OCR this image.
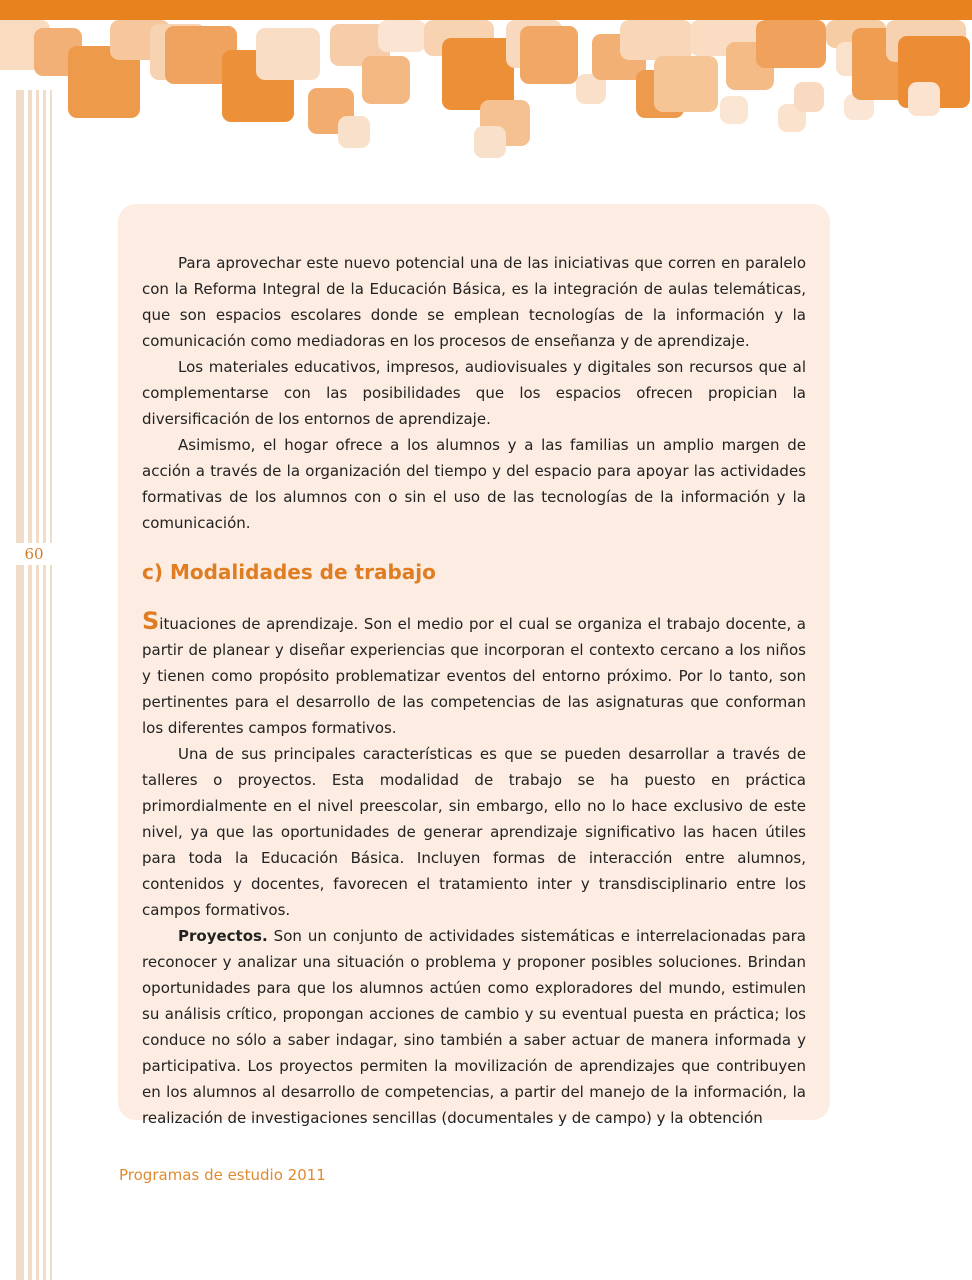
60

Para aprovechar este nuevo potencial una de las iniciativas que corren en paralelo con la Reforma Integral de la Educación Básica, es la integración de aulas telemáticas, que son espacios escolares donde se emplean tecnologías de la información y la comunicación como mediadoras en los procesos de enseñanza y de aprendizaje.

Los materiales educativos, impresos, audiovisuales y digitales son recursos que al complementarse con las posibilidades que los espacios ofrecen propician la diversificación de los entornos de aprendizaje.

Asimismo, el hogar ofrece a los alumnos y a las familias un amplio margen de acción a través de la organización del tiempo y del espacio para apoyar las actividades formativas de los alumnos con o sin el uso de las tecnologías de la información y la comunicación.

c) Modalidades de trabajo

Situaciones de aprendizaje. Son el medio por el cual se organiza el trabajo docente, a partir de planear y diseñar experiencias que incorporan el contexto cercano a los niños y tienen como propósito problematizar eventos del entorno próximo. Por lo tanto, son pertinentes para el desarrollo de las competencias de las asignaturas que conforman los diferentes campos formativos.

Una de sus principales características es que se pueden desarrollar a través de talleres o proyectos. Esta modalidad de trabajo se ha puesto en práctica primordialmente en el nivel preescolar, sin embargo, ello no lo hace exclusivo de este nivel, ya que las oportunidades de generar aprendizaje significativo las hacen útiles para toda la Educación Básica. Incluyen formas de interacción entre alumnos, contenidos y docentes, favorecen el tratamiento inter y transdisciplinario entre los campos formativos.

Proyectos. Son un conjunto de actividades sistemáticas e interrelacionadas para reconocer y analizar una situación o problema y proponer posibles soluciones. Brindan oportunidades para que los alumnos actúen como exploradores del mundo, estimulen su análisis crítico, propongan acciones de cambio y su eventual puesta en práctica; los conduce no sólo a saber indagar, sino también a saber actuar de manera informada y participativa. Los proyectos permiten la movilización de aprendizajes que contribuyen en los alumnos al desarrollo de competencias, a partir del manejo de la información, la realización de investigaciones sencillas (documentales y de campo) y la obtención

Programas de estudio 2011
